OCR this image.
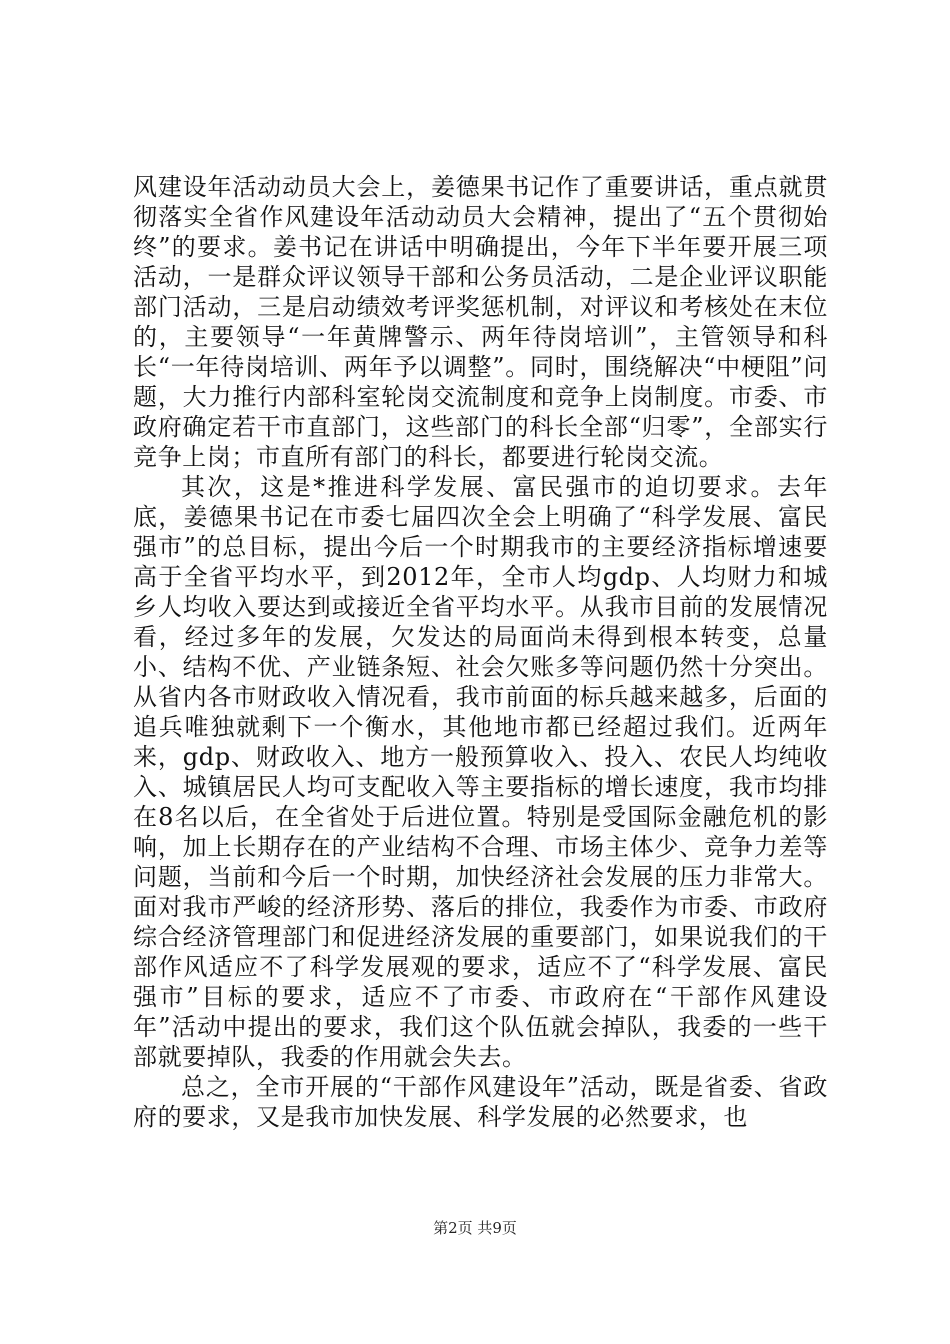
风建设年活动动员大会上，姜德果书记作了重要讲话，重点就贯彻落实全省作风建设年活动动员大会精神，提出了“五个贯彻始终”的要求。姜书记在讲话中明确提出，今年下半年要开展三项活动，一是群众评议领导干部和公务员活动，二是企业评议职能部门活动，三是启动绩效考评奖惩机制，对评议和考核处在末位的，主要领导“一年黄牌警示、两年待岗培训”，主管领导和科长“一年待岗培训、两年予以调整”。同时，围绕解决“中梗阻”问题，大力推行内部科室轮岗交流制度和竞争上岗制度。市委、市政府确定若干市直部门，这些部门的科长全部“归零”，全部实行竞争上岗；市直所有部门的科长，都要进行轮岗交流。

其次，这是*推进科学发展、富民强市的迫切要求。去年底，姜德果书记在市委七届四次全会上明确了“科学发展、富民强市”的总目标，提出今后一个时期我市的主要经济指标增速要高于全省平均水平，到2012年，全市人均gdp、人均财力和城乡人均收入要达到或接近全省平均水平。从我市目前的发展情况看，经过多年的发展，欠发达的局面尚未得到根本转变，总量小、结构不优、产业链条短、社会欠账多等问题仍然十分突出。从省内各市财政收入情况看，我市前面的标兵越来越多，后面的追兵唯独就剩下一个衡水，其他地市都已经超过我们。近两年来，gdp、财政收入、地方一般预算收入、投入、农民人均纯收入、城镇居民人均可支配收入等主要指标的增长速度，我市均排在8名以后，在全省处于后进位置。特别是受国际金融危机的影响，加上长期存在的产业结构不合理、市场主体少、竞争力差等问题，当前和今后一个时期，加快经济社会发展的压力非常大。面对我市严峻的经济形势、落后的排位，我委作为市委、市政府综合经济管理部门和促进经济发展的重要部门，如果说我们的干部作风适应不了科学发展观的要求，适应不了“科学发展、富民强市”目标的要求，适应不了市委、市政府在“干部作风建设年”活动中提出的要求，我们这个队伍就会掉队，我委的一些干部就要掉队，我委的作用就会失去。

总之，全市开展的“干部作风建设年”活动，既是省委、省政府的要求，又是我市加快发展、科学发展的必然要求，也

第2页 共9页
